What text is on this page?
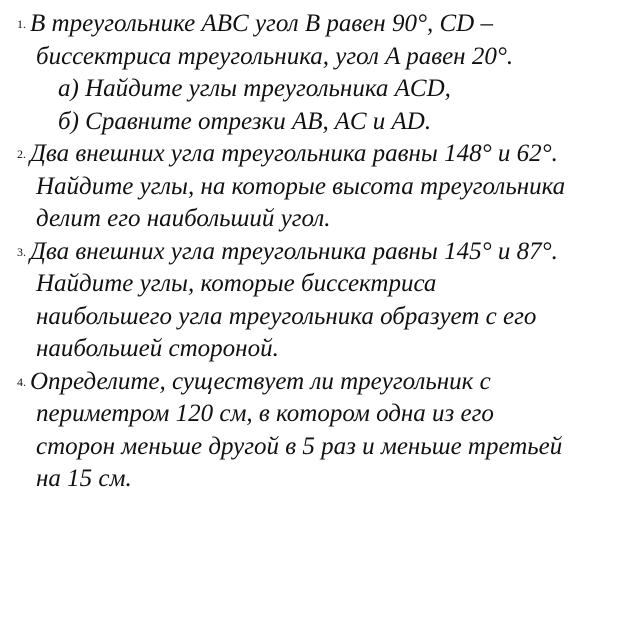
1. В треугольнике ABC угол B равен 90°, CD –
биссектриса треугольника, угол A равен 20°.
а) Найдите углы треугольника ACD,
б) Сравните отрезки AB, AC и AD.
2. Два внешних угла треугольника равны 148° и 62°.
Найдите углы, на которые высота треугольника
делит его наибольший угол.
3. Два внешних угла треугольника равны 145° и 87°.
Найдите углы, которые биссектриса
наибольшего угла треугольника образует с его
наибольшей стороной.
4. Определите, существует ли треугольник с
периметром 120 см, в котором одна из его
сторон меньше другой в 5 раз и меньше третьей
на 15 см.
